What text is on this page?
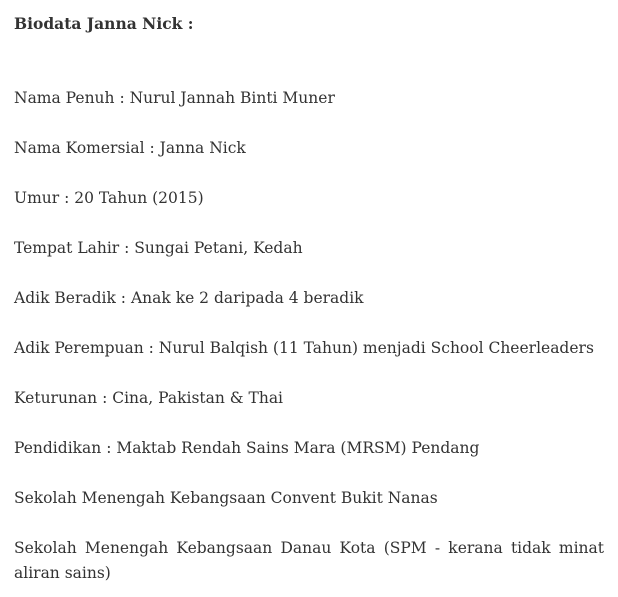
Biodata Janna Nick :

Nama Penuh : Nurul Jannah Binti Muner

Nama Komersial : Janna Nick

Umur : 20 Tahun (2015)

Tempat Lahir : Sungai Petani, Kedah

Adik Beradik : Anak ke 2 daripada 4 beradik

Adik Perempuan : Nurul Balqish (11 Tahun) menjadi School Cheerleaders

Keturunan : Cina, Pakistan & Thai

Pendidikan : Maktab Rendah Sains Mara (MRSM) Pendang

Sekolah Menengah Kebangsaan Convent Bukit Nanas

Sekolah Menengah Kebangsaan Danau Kota (SPM - kerana tidak minat aliran sains)
